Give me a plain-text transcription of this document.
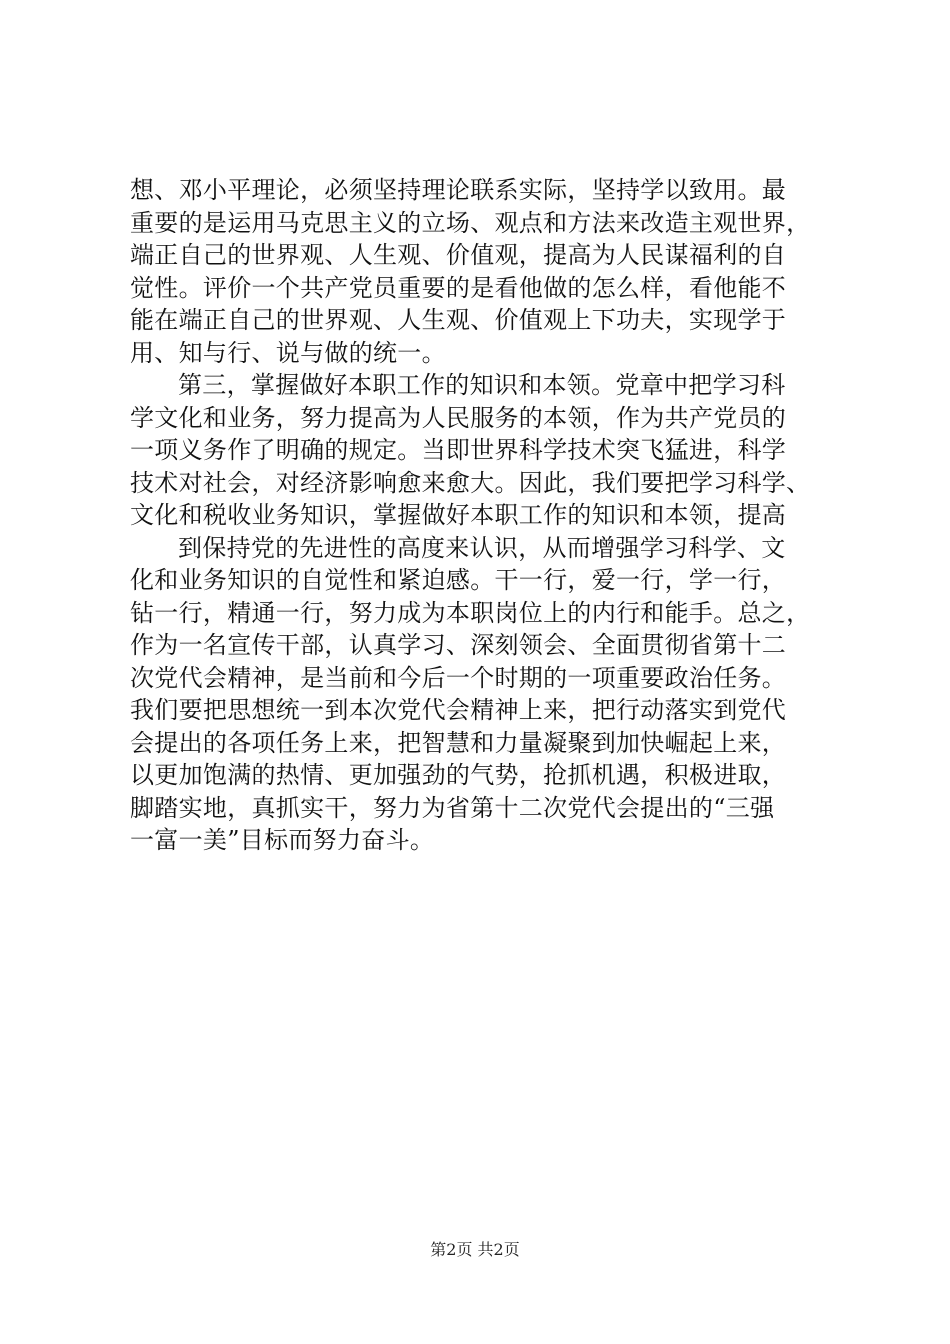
想、邓小平理论，必须坚持理论联系实际，坚持学以致用。最
重要的是运用马克思主义的立场、观点和方法来改造主观世界，
端正自己的世界观、人生观、价值观，提高为人民谋福利的自
觉性。评价一个共产党员重要的是看他做的怎么样，看他能不
能在端正自己的世界观、人生观、价值观上下功夫，实现学于
用、知与行、说与做的统一。
第三，掌握做好本职工作的知识和本领。党章中把学习科
学文化和业务，努力提高为人民服务的本领，作为共产党员的
一项义务作了明确的规定。当即世界科学技术突飞猛进，科学
技术对社会，对经济影响愈来愈大。因此，我们要把学习科学、
文化和税收业务知识，掌握做好本职工作的知识和本领，提高
到保持党的先进性的高度来认识，从而增强学习科学、文
化和业务知识的自觉性和紧迫感。干一行，爱一行，学一行，
钻一行，精通一行，努力成为本职岗位上的内行和能手。总之，
作为一名宣传干部，认真学习、深刻领会、全面贯彻省第十二
次党代会精神，是当前和今后一个时期的一项重要政治任务。
我们要把思想统一到本次党代会精神上来，把行动落实到党代
会提出的各项任务上来，把智慧和力量凝聚到加快崛起上来，
以更加饱满的热情、更加强劲的气势，抢抓机遇，积极进取，
脚踏实地，真抓实干，努力为省第十二次党代会提出的“三强
一富一美”目标而努力奋斗。
第2页 共2页
